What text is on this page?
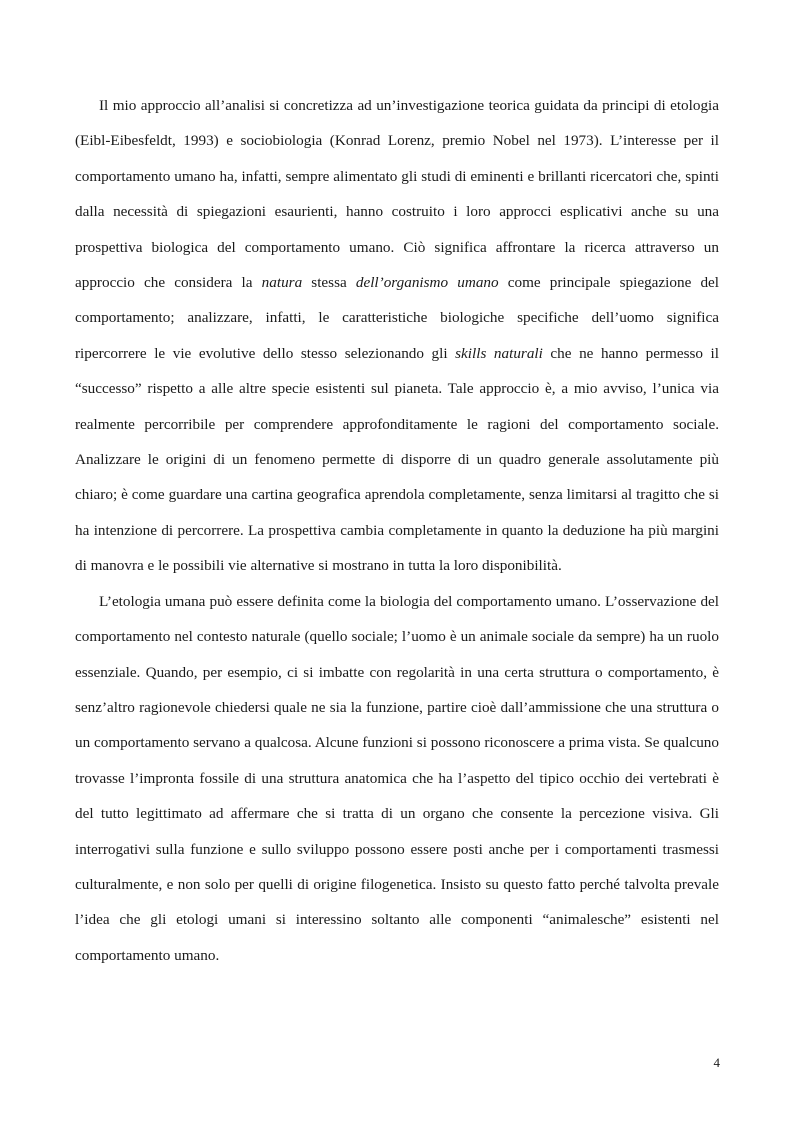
Il mio approccio all’analisi si concretizza ad un’investigazione teorica guidata da principi di etologia (Eibl-Eibesfeldt, 1993) e sociobiologia (Konrad Lorenz, premio Nobel nel 1973). L’interesse per il comportamento umano ha, infatti, sempre alimentato gli studi di eminenti e brillanti ricercatori che, spinti dalla necessità di spiegazioni esaurienti, hanno costruito i loro approcci esplicativi anche su una prospettiva biologica del comportamento umano. Ciò significa affrontare la ricerca attraverso un approccio che considera la natura stessa dell’organismo umano come principale spiegazione del comportamento; analizzare, infatti, le caratteristiche biologiche specifiche dell’uomo significa ripercorrere le vie evolutive dello stesso selezionando gli skills naturali che ne hanno permesso il “successo” rispetto a alle altre specie esistenti sul pianeta. Tale approccio è, a mio avviso, l’unica via realmente percorribile per comprendere approfonditamente le ragioni del comportamento sociale. Analizzare le origini di un fenomeno permette di disporre di un quadro generale assolutamente più chiaro; è come guardare una cartina geografica aprendola completamente, senza limitarsi al tragitto che si ha intenzione di percorrere. La prospettiva cambia completamente in quanto la deduzione ha più margini di manovra e le possibili vie alternative si mostrano in tutta la loro disponibilità.

L’etologia umana può essere definita come la biologia del comportamento umano. L’osservazione del comportamento nel contesto naturale (quello sociale; l’uomo è un animale sociale da sempre) ha un ruolo essenziale. Quando, per esempio, ci si imbatte con regolarità in una certa struttura o comportamento, è senz’altro ragionevole chiedersi quale ne sia la funzione, partire cioè dall’ammissione che una struttura o un comportamento servano a qualcosa. Alcune funzioni si possono riconoscere a prima vista. Se qualcuno trovasse l’impronta fossile di una struttura anatomica che ha l’aspetto del tipico occhio dei vertebrati è del tutto legittimato ad affermare che si tratta di un organo che consente la percezione visiva. Gli interrogativi sulla funzione e sullo sviluppo possono essere posti anche per i comportamenti trasmessi culturalmente, e non solo per quelli di origine filogenetica. Insisto su questo fatto perché talvolta prevale l’idea che gli etologi umani si interessino soltanto alle componenti “animalesche” esistenti nel comportamento umano.

4
